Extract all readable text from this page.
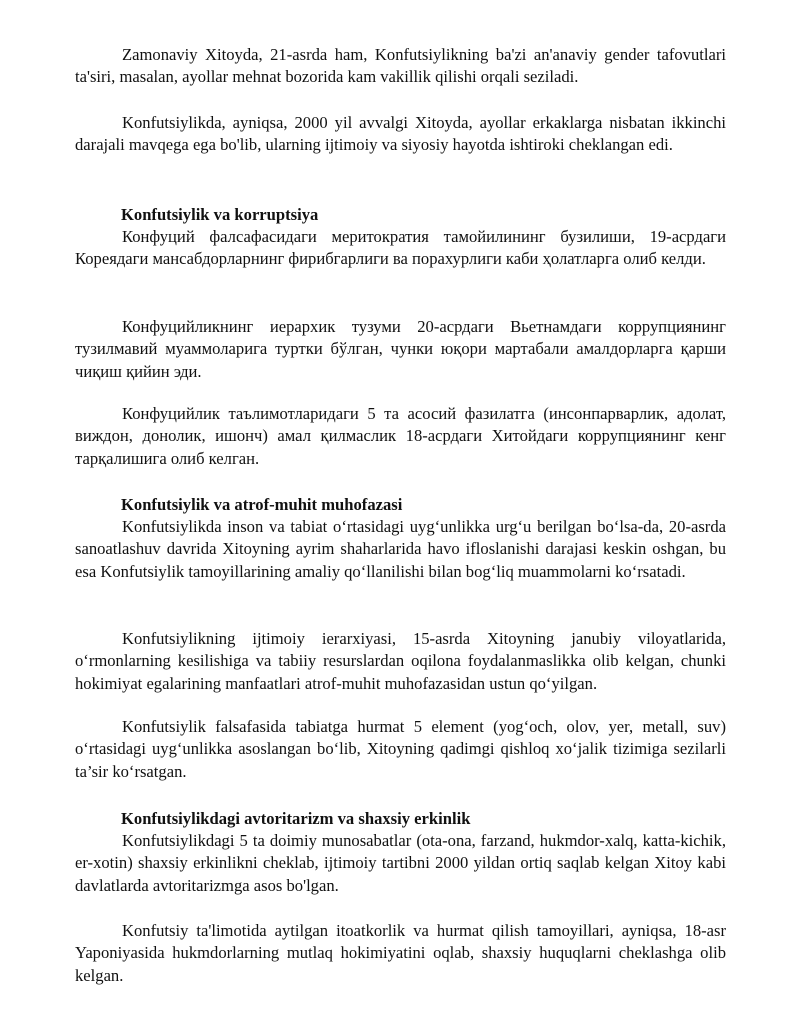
Zamonaviy Xitoyda, 21-asrda ham, Konfutsiylikning ba'zi an'anaviy gender tafovutlari ta'siri, masalan, ayollar mehnat bozorida kam vakillik qilishi orqali seziladi.

Konfutsiylikda, ayniqsa, 2000 yil avvalgi Xitoyda, ayollar erkaklarga nisbatan ikkinchi darajali mavqega ega bo'lib, ularning ijtimoiy va siyosiy hayotda ishtiroki cheklangan edi.

Konfutsiylik va korruptsiya

Конфуций фалсафасидаги меритократия тамойилининг бузилиши, 19-асрдаги Кореядаги мансабдорларнинг фирибгарлиги ва порахурлиги каби ҳолатларга олиб келди.

Конфуцийликнинг иерархик тузуми 20-асрдаги Вьетнамдаги коррупциянинг тузилмавий муаммоларига туртки бўлган, чунки юқори мартабали амалдорларга қарши чиқиш қийин эди.

Конфуцийлик таълимотларидаги 5 та асосий фазилатга (инсонпарварлик, адолат, виждон, донолик, ишонч) амал қилмаслик 18-асрдаги Хитойдаги коррупциянинг кенг тарқалишига олиб келган.

Konfutsiylik va atrof-muhit muhofazasi

Konfutsiylikda inson va tabiat o‘rtasidagi uyg‘unlikka urg‘u berilgan bo‘lsa-da, 20-asrda sanoatlashuv davrida Xitoyning ayrim shaharlarida havo ifloslanishi darajasi keskin oshgan, bu esa Konfutsiylik tamoyillarining amaliy qo‘llanilishi bilan bog‘liq muammolarni ko‘rsatadi.

Konfutsiylikning ijtimoiy ierarxiyasi, 15-asrda Xitoyning janubiy viloyatlarida, o‘rmonlarning kesilishiga va tabiiy resurslardan oqilona foydalanmaslikka olib kelgan, chunki hokimiyat egalarining manfaatlari atrof-muhit muhofazasidan ustun qo‘yilgan.

Konfutsiylik falsafasida tabiatga hurmat 5 element (yog‘och, olov, yer, metall, suv) o‘rtasidagi uyg‘unlikka asoslangan bo‘lib, Xitoyning qadimgi qishloq xo‘jalik tizimiga sezilarli ta’sir ko‘rsatgan.

Konfutsiylikdagi avtoritarizm va shaxsiy erkinlik

Konfutsiylikdagi 5 ta doimiy munosabatlar (ota-ona, farzand, hukmdor-xalq, katta-kichik, er-xotin) shaxsiy erkinlikni cheklab, ijtimoiy tartibni 2000 yildan ortiq saqlab kelgan Xitoy kabi davlatlarda avtoritarizmga asos bo'lgan.

Konfutsiy ta'limotida aytilgan itoatkorlik va hurmat qilish tamoyillari, ayniqsa, 18-asr Yaponiyasida hukmdorlarning mutlaq hokimiyatini oqlab, shaxsiy huquqlarni cheklashga olib kelgan.
